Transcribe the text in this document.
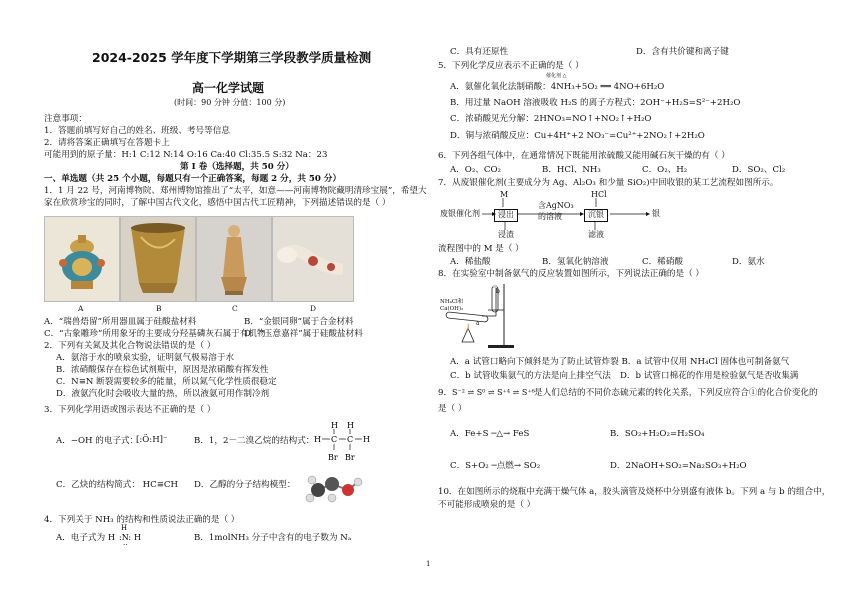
2024-2025 学年度下学期第三学段教学质量检测
高一化学试题
(时间：90 分钟 分值：100 分)
注意事项：
1．答题前填写好自己的姓名、班级、考号等信息
2．请将答案正确填写在答题卡上
可能用到的原子量：H:1 C:12 N:14 O:16 Ca:40 Cl:35.5 S:32 Na：23
第 I 卷（选择题，共 50 分）
一、单选题（共 25 个小题，每题只有一个正确答案，每题 2 分，共 50 分）
1．1 月 22 号，河南博物院、郑州博物馆推出了“太平，如意——河南博物院藏明清珍宝展”，希望大
家在欣赏珍宝的同时，了解中国古代文化，感悟中国古代工匠精神，下列描述错误的是（ ）
A	B	C	D
A．“瑞兽焐留”所用器皿属于硅酸盐材料	B．“金银同卵”属于合金材料
C．“古象雕珍”所用象牙的主要成分羟基磷灰石属于有机物
D．“玉意嘉祥”属于硅酸盐材料
2．下列有关氮及其化合物说法错误的是（ ）
A．氨溶于水的喷泉实验，证明氨气极易溶于水
B．浓硝酸保存在棕色试剂瓶中，原因是浓硝酸有挥发性
C．N≡N 断裂需要较多的能量，所以氮气化学性质很稳定
D．液氨汽化时会吸收大量的热，所以液氨可用作制冷剂
3．下列化学用语或图示表达不正确的是（ ）
A．−OH 的电子式：
[:Ö:H]⁻	B．1，2－二溴乙烷的结构式： H C C H
H H
Br Br
C．乙炔的结构简式： HC≡CH D．乙醇的分子结构模型：
4．下列关于 NH₃ 的结构和性质说法正确的是（ ）
A．电子式为
H
H :N: H
··
B．1molNH₃ 分子中含有的电子数为 Nₐ
C．具有还原性	D．含有共价键和离子键
5．下列化学反应表示不正确的是（ ）
催化剂 △
A．氨催化氧化法制硝酸：4NH₃+5O₂ ══ 4NO+6H₂O
B．用过量 NaOH 溶液吸收 H₂S 的离子方程式：2OH⁻+H₂S=S²⁻+2H₂O
C．浓硝酸见光分解：2HNO₃=NO↑+NO₂↑+H₂O
D．铜与浓硝酸反应：Cu+4H⁺+2 NO₃⁻=Cu²⁺+2NO₂↑+2H₂O
6．下列各组气体中，在通常情况下既能用浓硫酸又能用碱石灰干燥的有（ ）
A．O₂、CO₂	B．HCl、NH₃	C．O₂、H₂	D．SO₂、Cl₂
7．从废银催化剂(主要成分为 Ag、Al₂O₃ 和少量 SiO₂)中回收银的某工艺流程如图所示。
废银催化剂
M
浸出
含AgNO₃
的溶液
HCl
沉银	银
浸渣	滤液
流程图中的 M 是（ ）
A．稀盐酸	B．氢氧化钠溶液	C．稀硝酸	D．氨水
8．在实验室中制备氨气的反应装置如图所示，下列说法正确的是（ ）
NH₄Cl和
Ca(OH)₂
a
b
A．a 试管口略向下倾斜是为了防止试管炸裂 B．a 试管中仅用 NH₄Cl 固体也可制备氨气
C．b 试管收集氨气的方法是向上排空气法 D．b 试管口棉花的作用是检验氨气是否收集满
9． S⁻² ⇌ S⁰ ⇌ S⁺⁴ ⇌ S⁺⁶ 是人们总结的不同价态硫元素的转化关系，下列反应符合①的化合价变化的
是（ ）
A．Fe+S ─△→ FeS	B．SO₂+H₂O₂=H₂SO₄
C．S+O₂ ─点燃→ SO₂	D．2NaOH+SO₂=Na₂SO₃+H₂O
10．在如图所示的烧瓶中充满干燥气体 a，胶头滴管及烧杯中分别盛有液体 b。下列 a 与 b 的组合中，
不可能形成喷泉的是（ ）
1
